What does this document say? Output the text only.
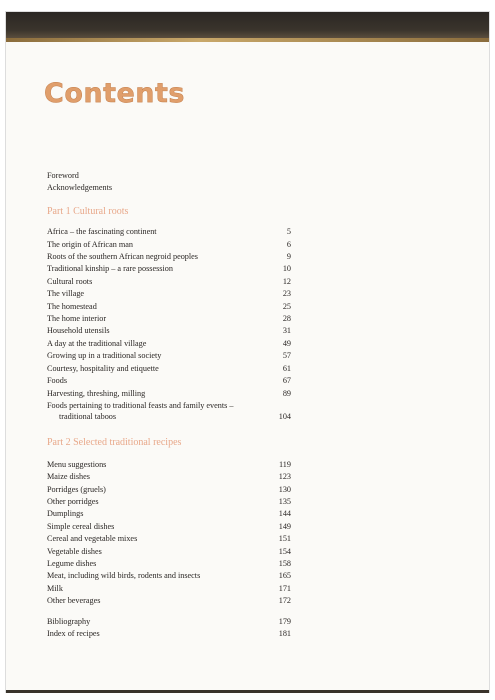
Contents

Foreword

Acknowledgements

Part 1 Cultural roots
Africa – the fascinating continent	5
The origin of African man	6
Roots of the southern African negroid peoples	9
Traditional kinship – a rare possession	10
Cultural roots	12
The village	23
The homestead	25
The home interior	28
Household utensils	31
A day at the traditional village	49
Growing up in a traditional society	57
Courtesy, hospitality and etiquette	61
Foods	67
Harvesting, threshing, milling	89
Foods pertaining to traditional feasts and family events –
traditional taboos	104
Part 2 Selected traditional recipes
Menu suggestions	119
Maize dishes	123
Porridges (gruels)	130
Other porridges	135
Dumplings	144
Simple cereal dishes	149
Cereal and vegetable mixes	151
Vegetable dishes	154
Legume dishes	158
Meat, including wild birds, rodents and insects	165
Milk	171
Other beverages	172
Bibliography	179
Index of recipes	181
